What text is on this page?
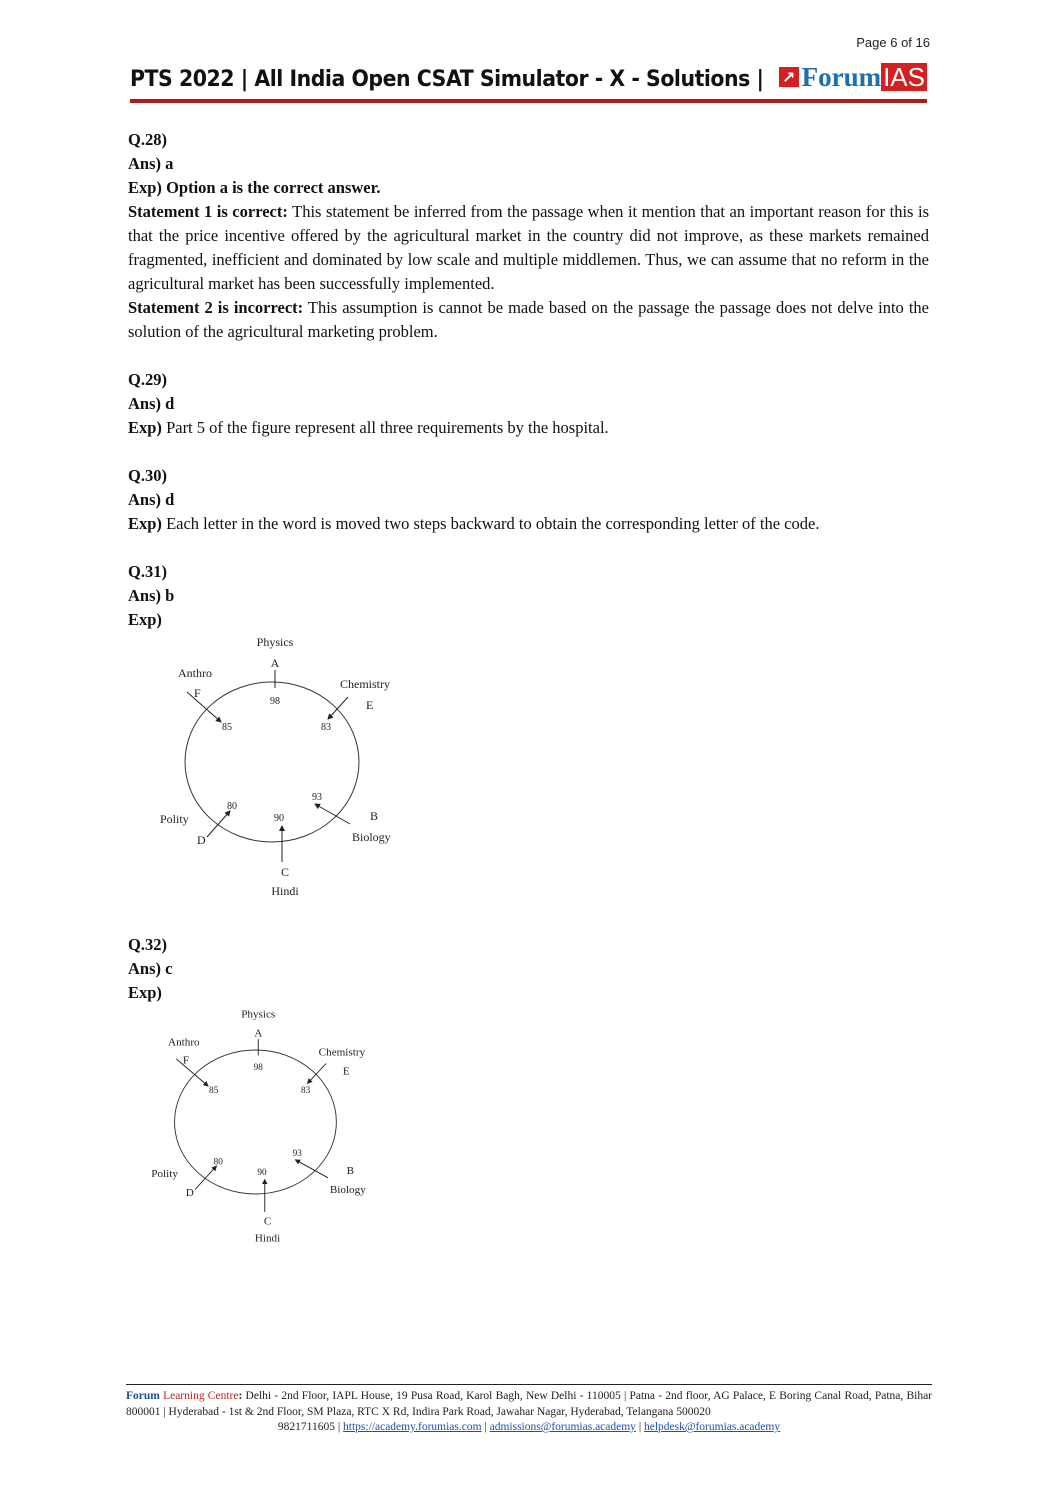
Page 6 of 16
PTS 2022 | All India Open CSAT Simulator - X - Solutions | ↗ Forum IAS

Q.28)

Ans) a

Exp) Option a is the correct answer.

Statement 1 is correct: This statement be inferred from the passage when it mention that an important reason for this is that the price incentive offered by the agricultural market in the country did not improve, as these markets remained fragmented, inefficient and dominated by low scale and multiple middlemen. Thus, we can assume that no reform in the agricultural market has been successfully implemented.

Statement 2 is incorrect: This assumption is cannot be made based on the passage the passage does not delve into the solution of the agricultural marketing problem.

Q.29)

Ans) d

Exp) Part 5 of the figure represent all three requirements by the hospital.

Q.30)

Ans) d

Exp) Each letter in the word is moved two steps backward to obtain the corresponding letter of the code.

Q.31)

Ans) b

Exp)

Physics
A
98
Anthro
F
85
Chemistry
E
83
93
B
Biology
Polity
D
80
90
C
Hindi

Q.32)

Ans) c

Exp)

Physics
A
98
Anthro
F
85
Chemistry
E
83
93
B
Biology
Polity
D
80
90
C
Hindi
Forum Learning Centre: Delhi - 2nd Floor, IAPL House, 19 Pusa Road, Karol Bagh, New Delhi - 110005 | Patna - 2nd floor, AG Palace, E Boring Canal Road, Patna, Bihar 800001 | Hyderabad - 1st & 2nd Floor, SM Plaza, RTC X Rd, Indira Park Road, Jawahar Nagar, Hyderabad, Telangana 500020
9821711605 | https://academy.forumias.com | admissions@forumias.academy | helpdesk@forumias.academy
